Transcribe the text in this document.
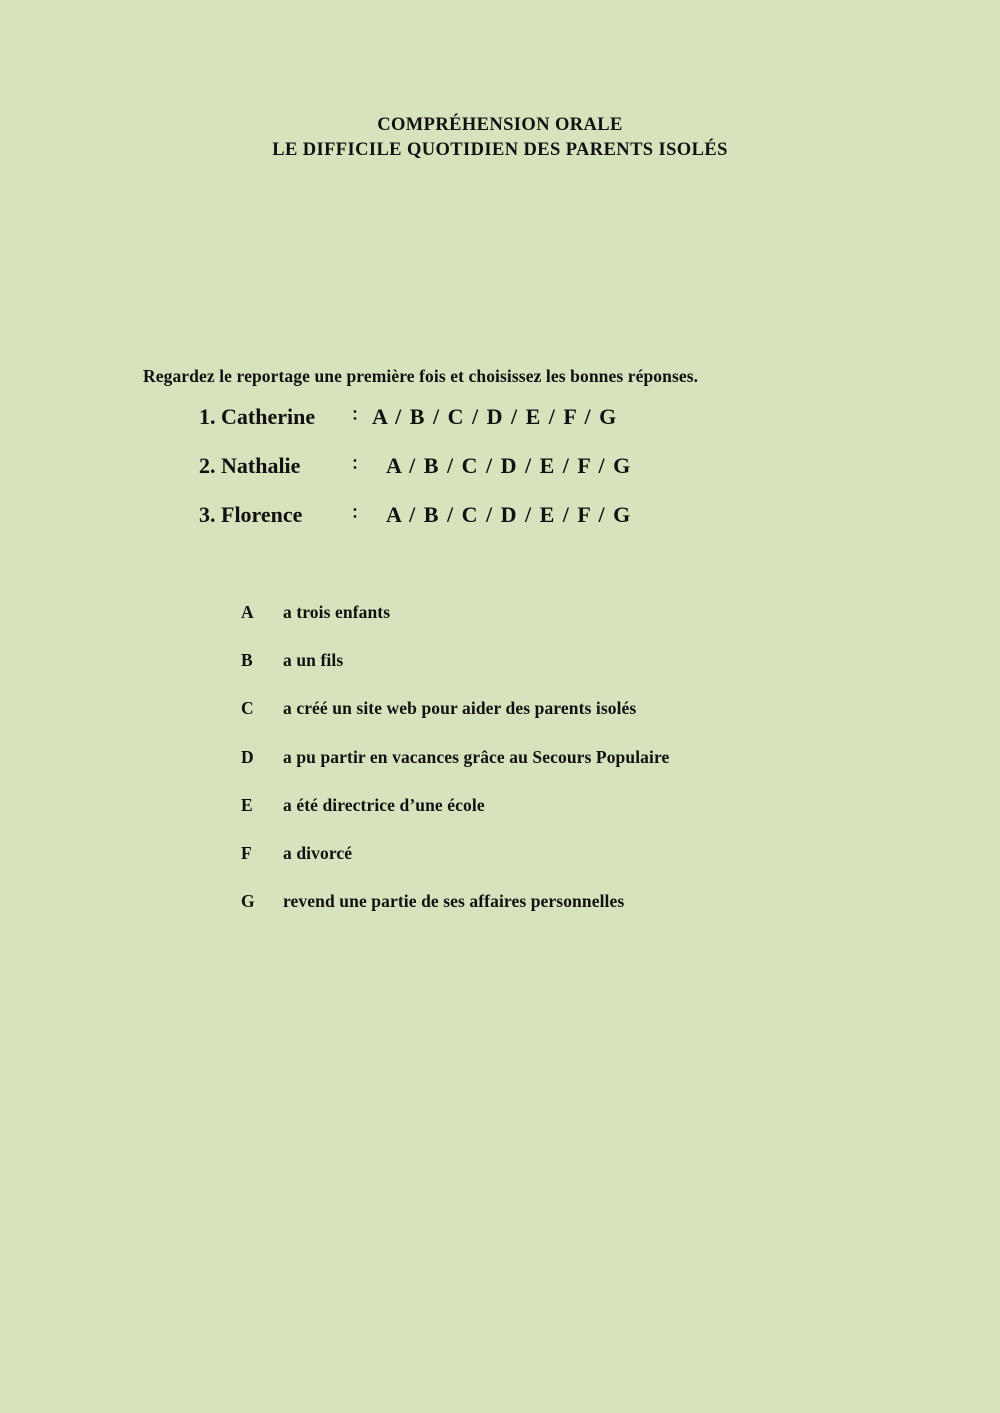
COMPRÉHENSION ORALE
LE DIFFICILE QUOTIDIEN DES PARENTS ISOLÉS
Regardez le reportage une première fois et choisissez les bonnes réponses.
1. Catherine	： A / B / C / D / E / F / G
2. Nathalie	： A / B / C / D / E / F / G
3. Florence	： A / B / C / D / E / F / G
A	a trois enfants
B	a un fils
C	a créé un site web pour aider des parents isolés
D	a pu partir en vacances grâce au Secours Populaire
E	a été directrice d’une école
F	a divorcé
G	revend une partie de ses affaires personnelles
